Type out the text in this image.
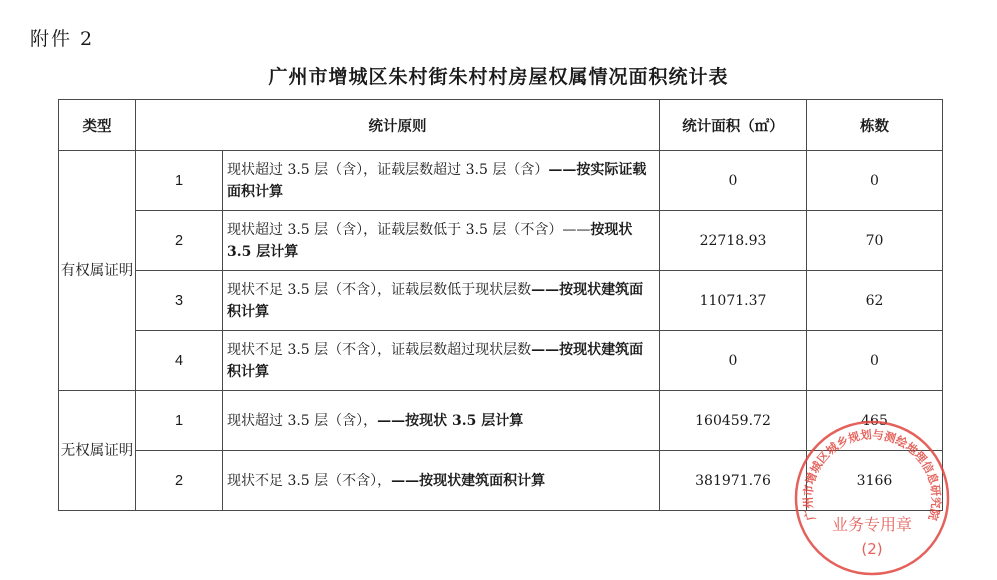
附件 2
广州市增城区朱村街朱村村房屋权属情况面积统计表
类型	统计原则		统计面积（㎡）	栋数
有权属证明	1	现状超过 3.5 层（含），证载层数超过 3.5 层（含）——按实际证载面积计算	0	0
	2	现状超过 3.5 层（含），证载层数低于 3.5 层（不含）——按现状 3.5 层计算	22718.93	70
	3	现状不足 3.5 层（不含），证载层数低于现状层数——按现状建筑面积计算	11071.37	62
	4	现状不足 3.5 层（不含），证载层数超过现状层数——按现状建筑面积计算	0	0
无权属证明	1	现状超过 3.5 层（含），——按现状 3.5 层计算	160459.72	465
	2	现状不足 3.5 层（不含），——按现状建筑面积计算	381971.76	3166
广州市增城区城乡规划与测绘地理信息研究院
业务专用章
(2)
